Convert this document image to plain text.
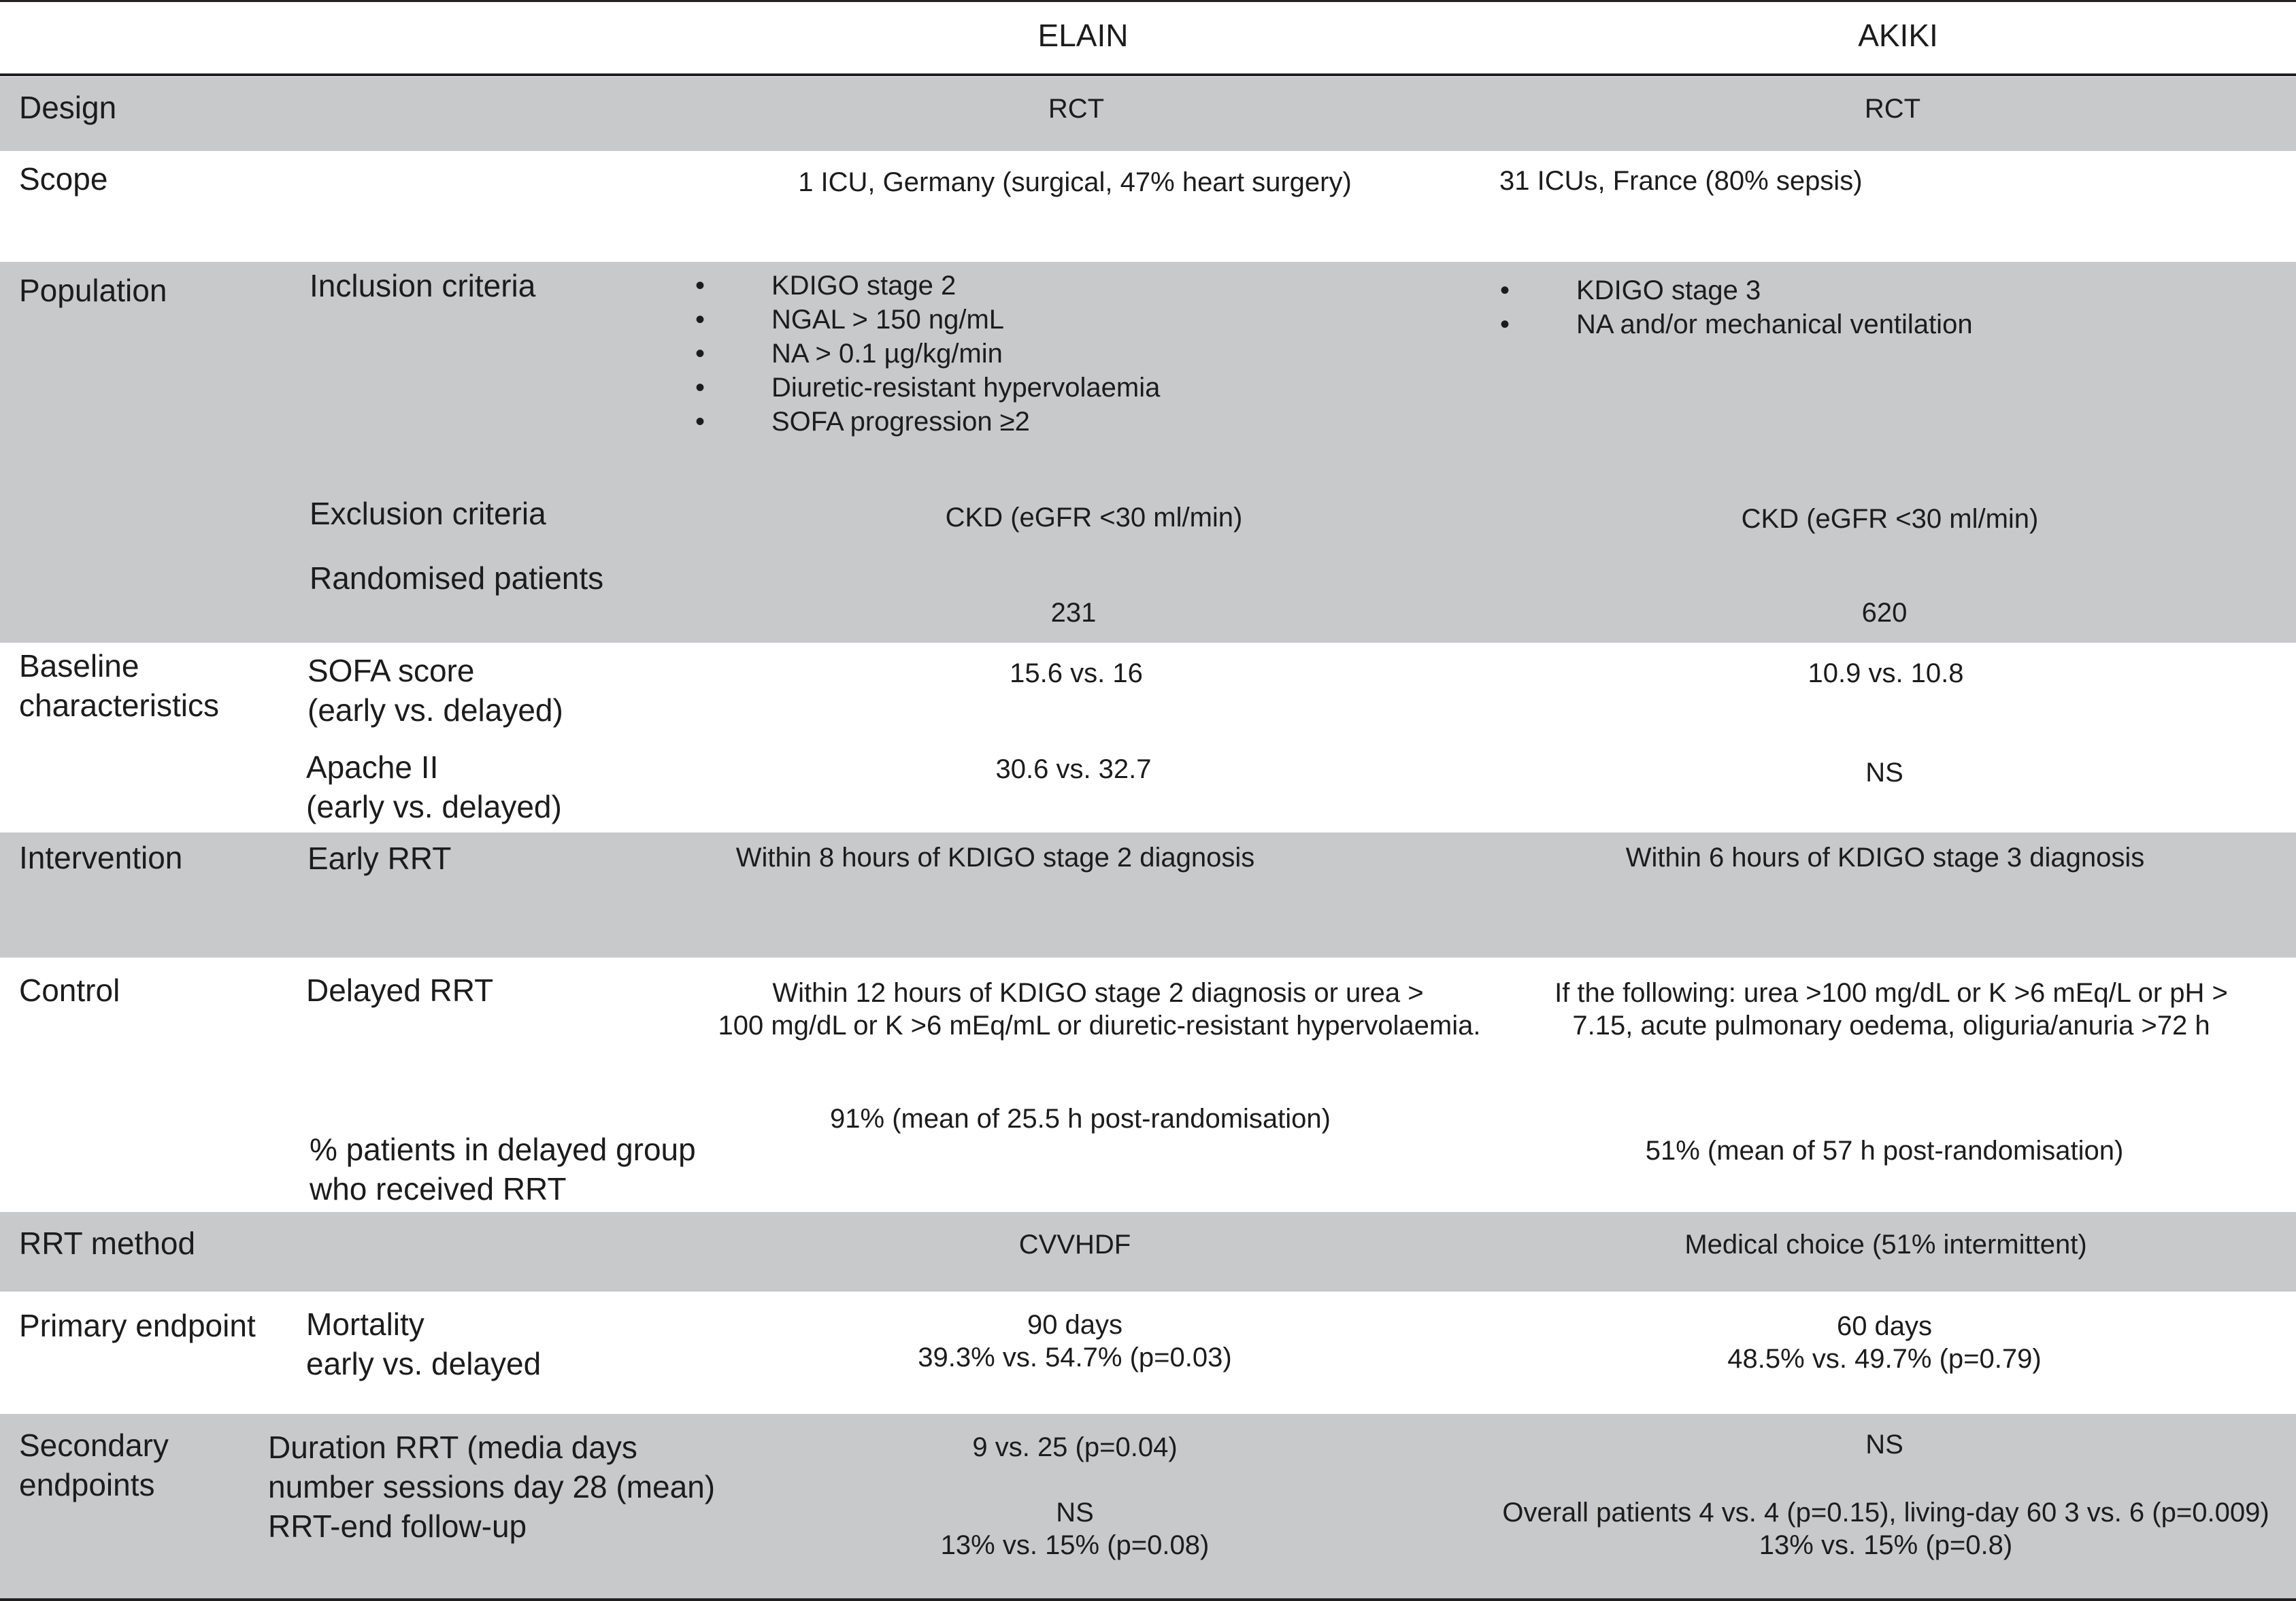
ELAIN	AKIKI
Design	RCT	RCT
Scope	1 ICU, Germany (surgical, 47% heart surgery)	31 ICUs, France (80% sepsis)
Population	Inclusion criteria
•	KDIGO stage 2
• NGAL > 150 ng/mL
• NA > 0.1 µg/kg/min
• Diuretic-resistant hypervolaemia
• SOFA progression ≥2
• KDIGO stage 3
• NA and/or mechanical ventilation
Exclusion criteria	CKD (eGFR <30 ml/min)	CKD (eGFR <30 ml/min)
Randomised patients
231	620
Baseline
characteristics
SOFA score
(early vs. delayed)
15.6 vs. 16	10.9 vs. 10.8
Apache II
(early vs. delayed)
30.6 vs. 32.7	NS
Intervention	Early RRT	Within 8 hours of KDIGO stage 2 diagnosis	Within 6 hours of KDIGO stage 3 diagnosis
Control	Delayed RRT	Within 12 hours of KDIGO stage 2 diagnosis or urea >
100 mg/dL or K >6 mEq/mL or diuretic-resistant hypervolaemia.
If the following: urea >100 mg/dL or K >6 mEq/L or pH >
7.15, acute pulmonary oedema, oliguria/anuria >72 h
% patients in delayed group
who received RRT
91% (mean of 25.5 h post-randomisation)
51% (mean of 57 h post-randomisation)
RRT method	CVVHDF	Medical choice (51% intermittent)
Primary endpoint Mortality
early vs. delayed
90 days
39.3% vs. 54.7% (p=0.03)
60 days
48.5% vs. 49.7% (p=0.79)
Secondary
endpoints
Duration RRT (media days
number sessions day 28 (mean)
RRT-end follow-up
9 vs. 25 (p=0.04)
NS
13% vs. 15% (p=0.08)
NS
Overall patients 4 vs. 4 (p=0.15), living-day 60 3 vs. 6 (p=0.009)
13% vs. 15% (p=0.8)
